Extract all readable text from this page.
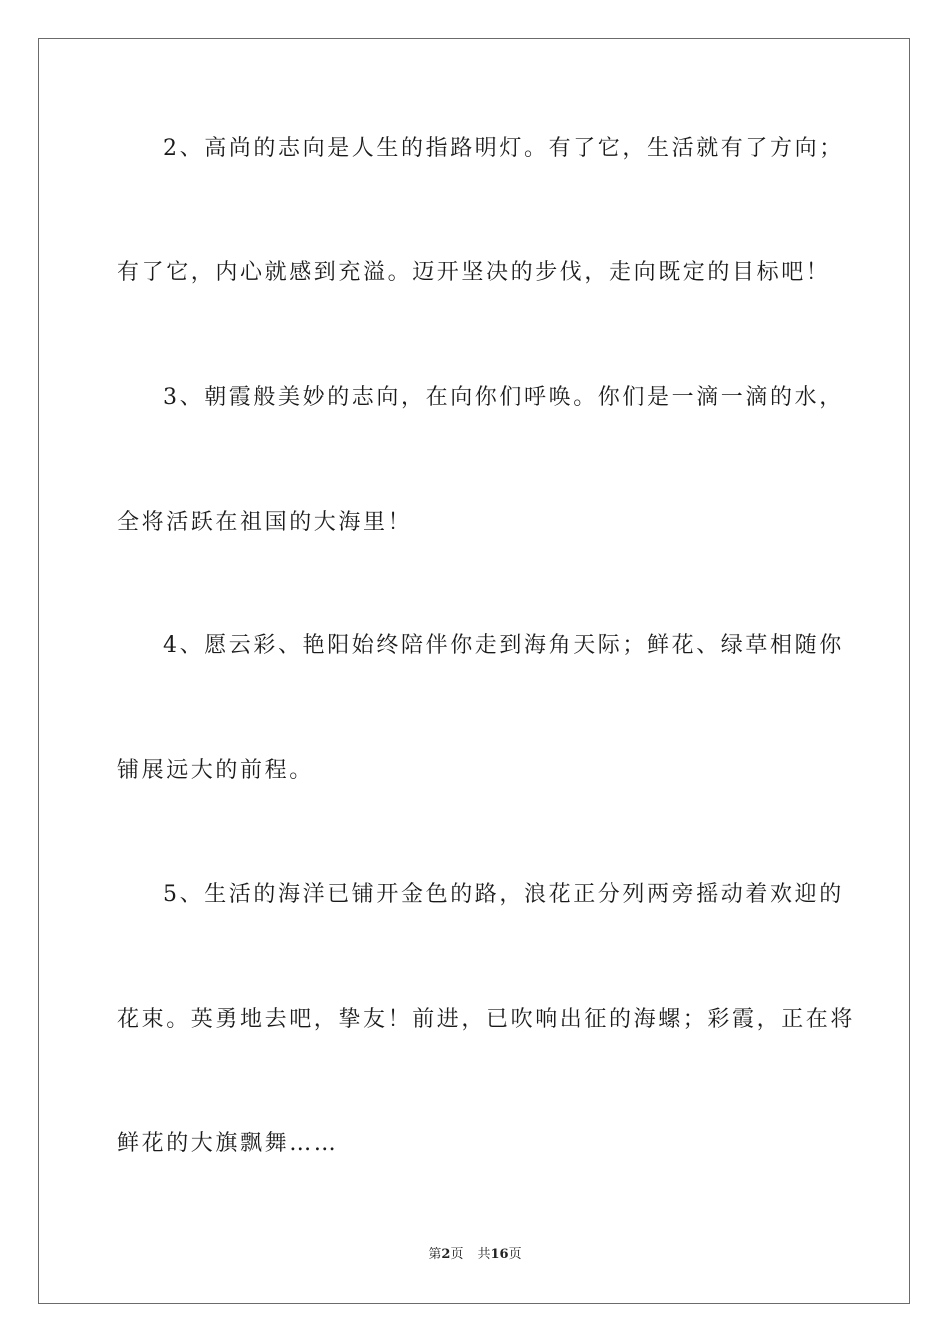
2、高尚的志向是人生的指路明灯。有了它，生活就有了方向；
有了它，内心就感到充溢。迈开坚决的步伐，走向既定的目标吧！
3、朝霞般美妙的志向，在向你们呼唤。你们是一滴一滴的水，
全将活跃在祖国的大海里！
4、愿云彩、艳阳始终陪伴你走到海角天际；鲜花、绿草相随你
铺展远大的前程。
5、生活的海洋已铺开金色的路，浪花正分列两旁摇动着欢迎的
花束。英勇地去吧，挚友！前进，已吹响出征的海螺；彩霞，正在将
鲜花的大旗飘舞……
第2页 共16页
